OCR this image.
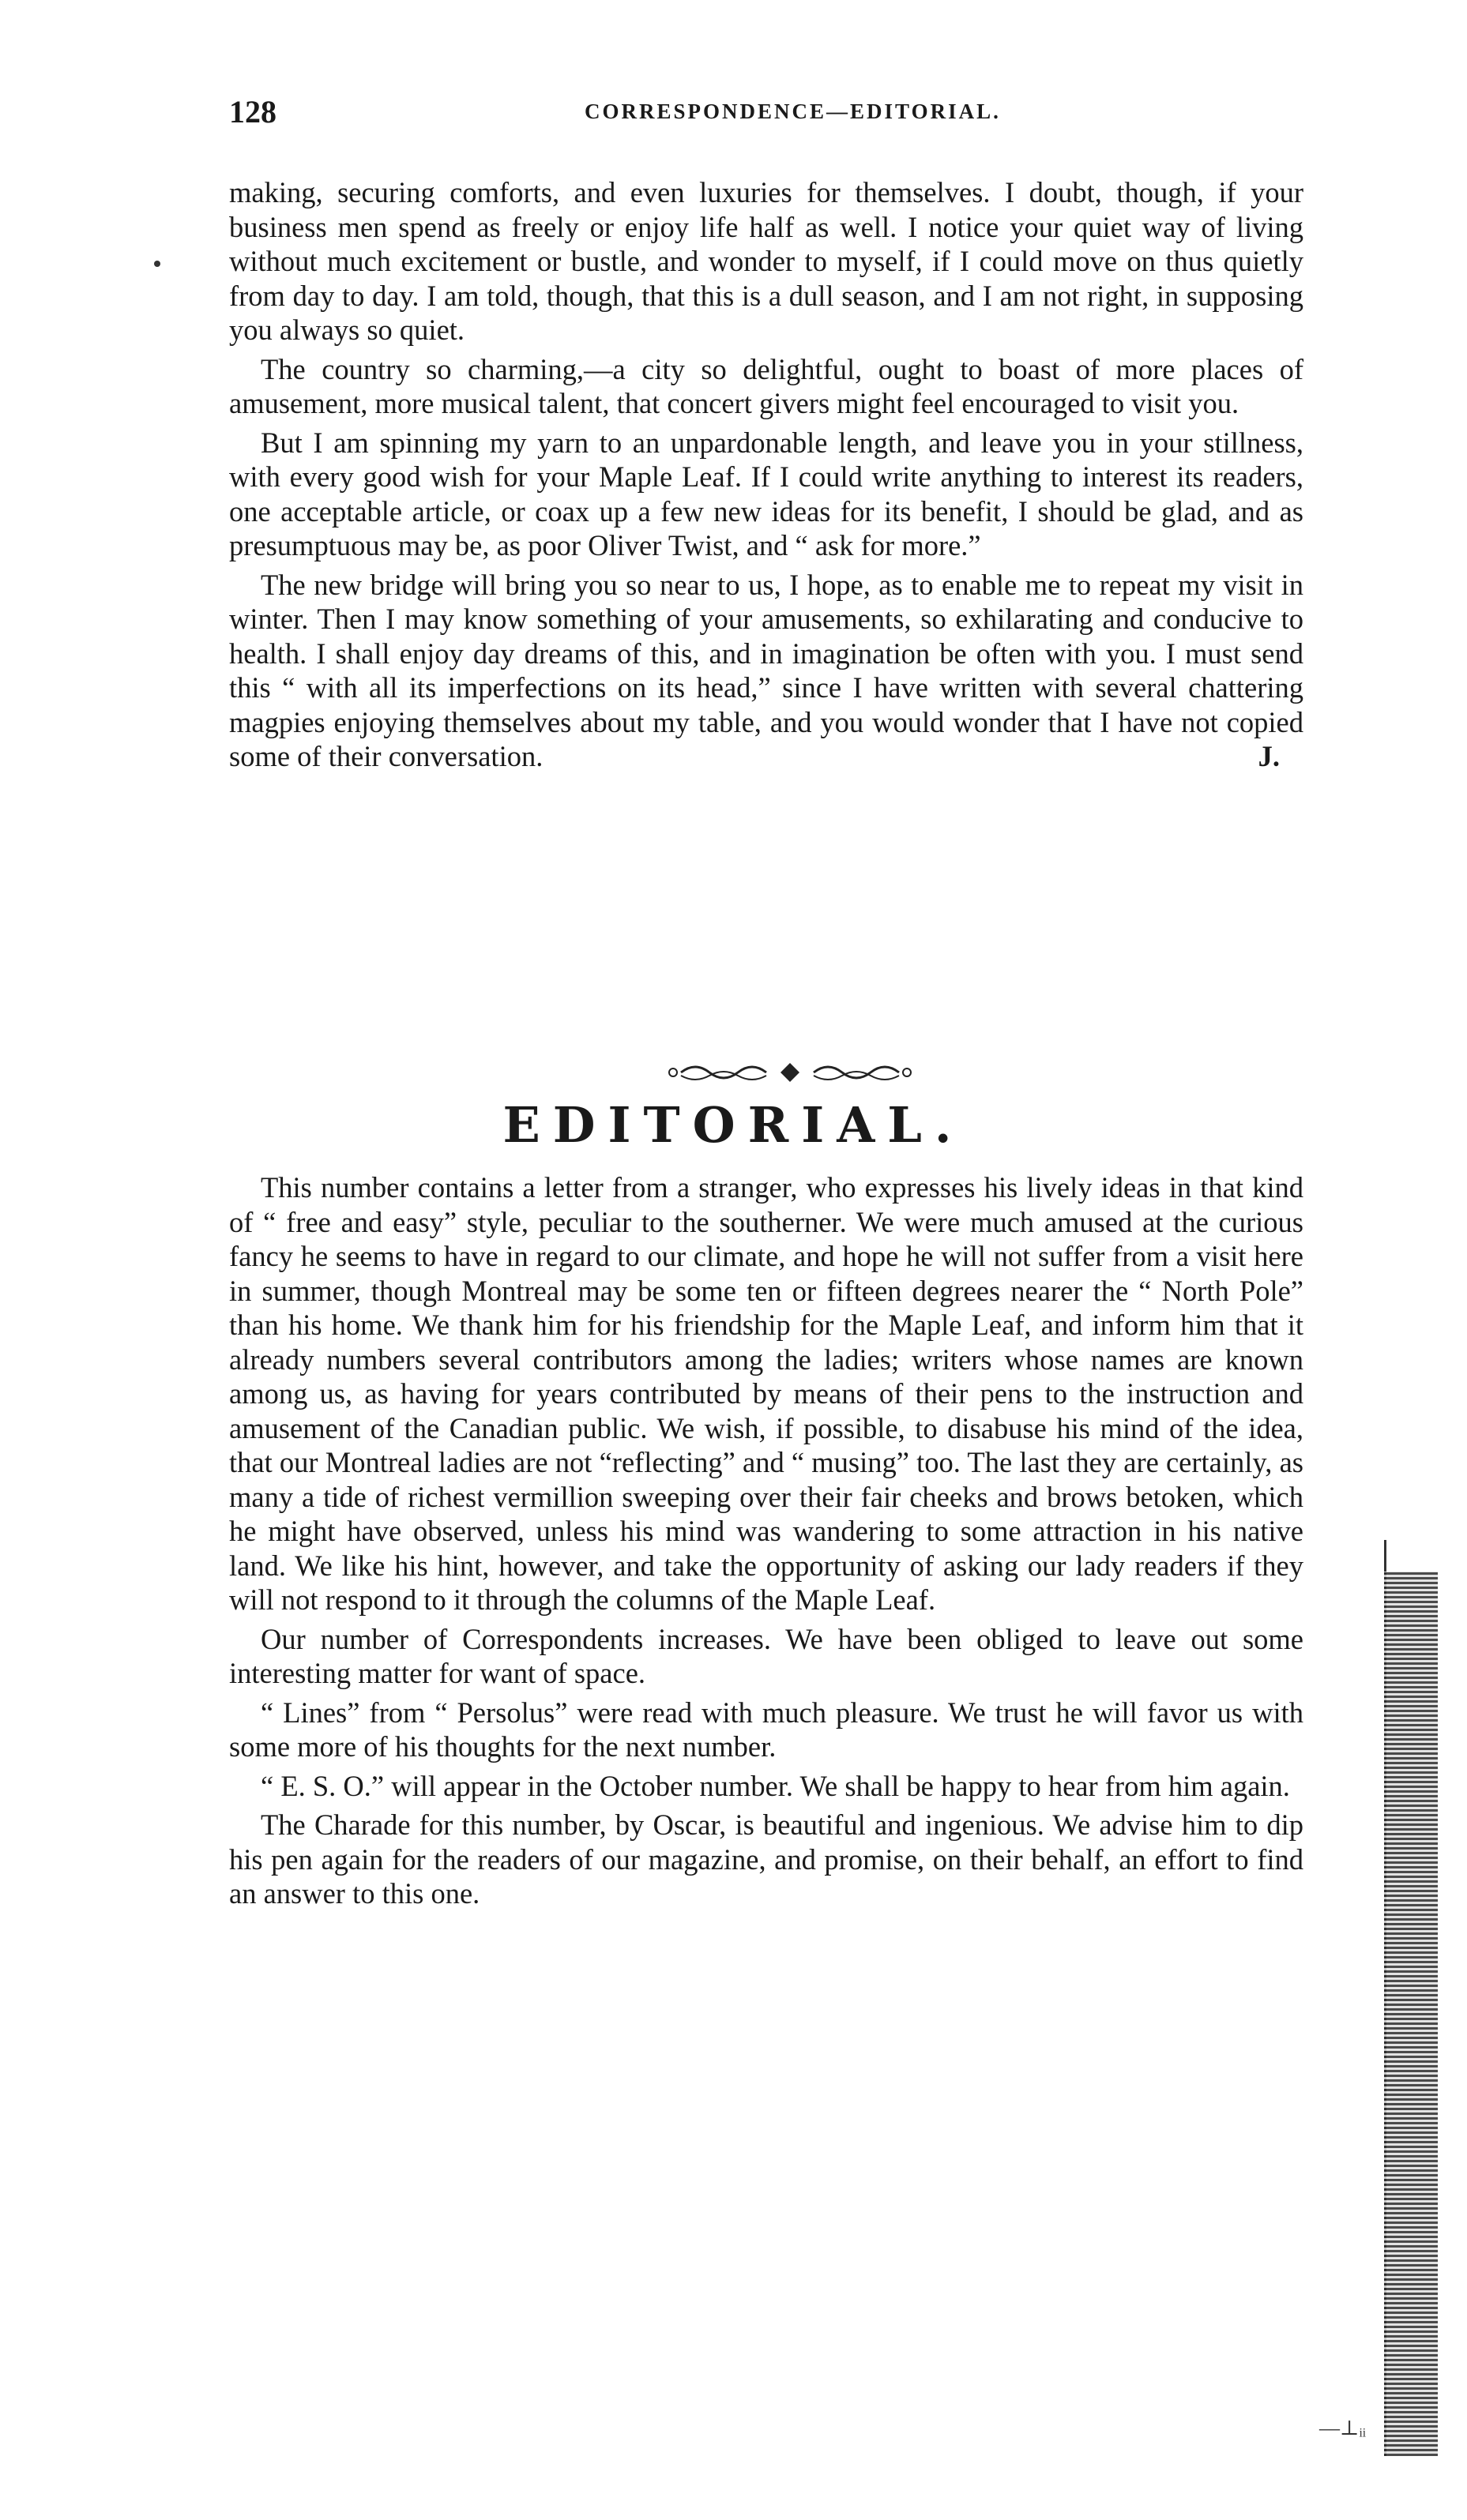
128	CORRESPONDENCE—EDITORIAL.

making, securing comforts, and even luxuries for themselves. I doubt, though, if your business men spend as freely or enjoy life half as well. I notice your quiet way of living without much excitement or bustle, and wonder to myself, if I could move on thus quietly from day to day. I am told, though, that this is a dull season, and I am not right, in supposing you always so quiet.

The country so charming,—a city so delightful, ought to boast of more places of amusement, more musical talent, that concert givers might feel encouraged to visit you.

But I am spinning my yarn to an unpardonable length, and leave you in your stillness, with every good wish for your Maple Leaf. If I could write anything to interest its readers, one acceptable article, or coax up a few new ideas for its benefit, I should be glad, and as presumptuous may be, as poor Oliver Twist, and “ ask for more.”

The new bridge will bring you so near to us, I hope, as to enable me to repeat my visit in winter. Then I may know something of your amusements, so exhilarating and conducive to health. I shall enjoy day dreams of this, and in imagination be often with you. I must send this “ with all its imperfections on its head,” since I have written with several chattering magpies enjoying themselves about my table, and you would wonder that I have not copied some of their conversation.	J.

EDITORIAL.

This number contains a letter from a stranger, who expresses his lively ideas in that kind of “ free and easy” style, peculiar to the southerner. We were much amused at the curious fancy he seems to have in regard to our climate, and hope he will not suffer from a visit here in summer, though Montreal may be some ten or fifteen degrees nearer the “ North Pole” than his home. We thank him for his friendship for the Maple Leaf, and inform him that it already numbers several contributors among the ladies; writers whose names are known among us, as having for years contributed by means of their pens to the instruction and amusement of the Canadian public. We wish, if possible, to disabuse his mind of the idea, that our Montreal ladies are not “reflecting” and “ musing” too. The last they are certainly, as many a tide of richest vermillion sweeping over their fair cheeks and brows betoken, which he might have observed, unless his mind was wandering to some attraction in his native land. We like his hint, however, and take the opportunity of asking our lady readers if they will not respond to it through the columns of the Maple Leaf.

Our number of Correspondents increases. We have been obliged to leave out some interesting matter for want of space.

“ Lines” from “ Persolus” were read with much pleasure. We trust he will favor us with some more of his thoughts for the next number.

“ E. S. O.” will appear in the October number. We shall be happy to hear from him again.

The Charade for this number, by Oscar, is beautiful and ingenious. We advise him to dip his pen again for the readers of our magazine, and promise, on their behalf, an effort to find an answer to this one.

—⊥ᵢᵢ
